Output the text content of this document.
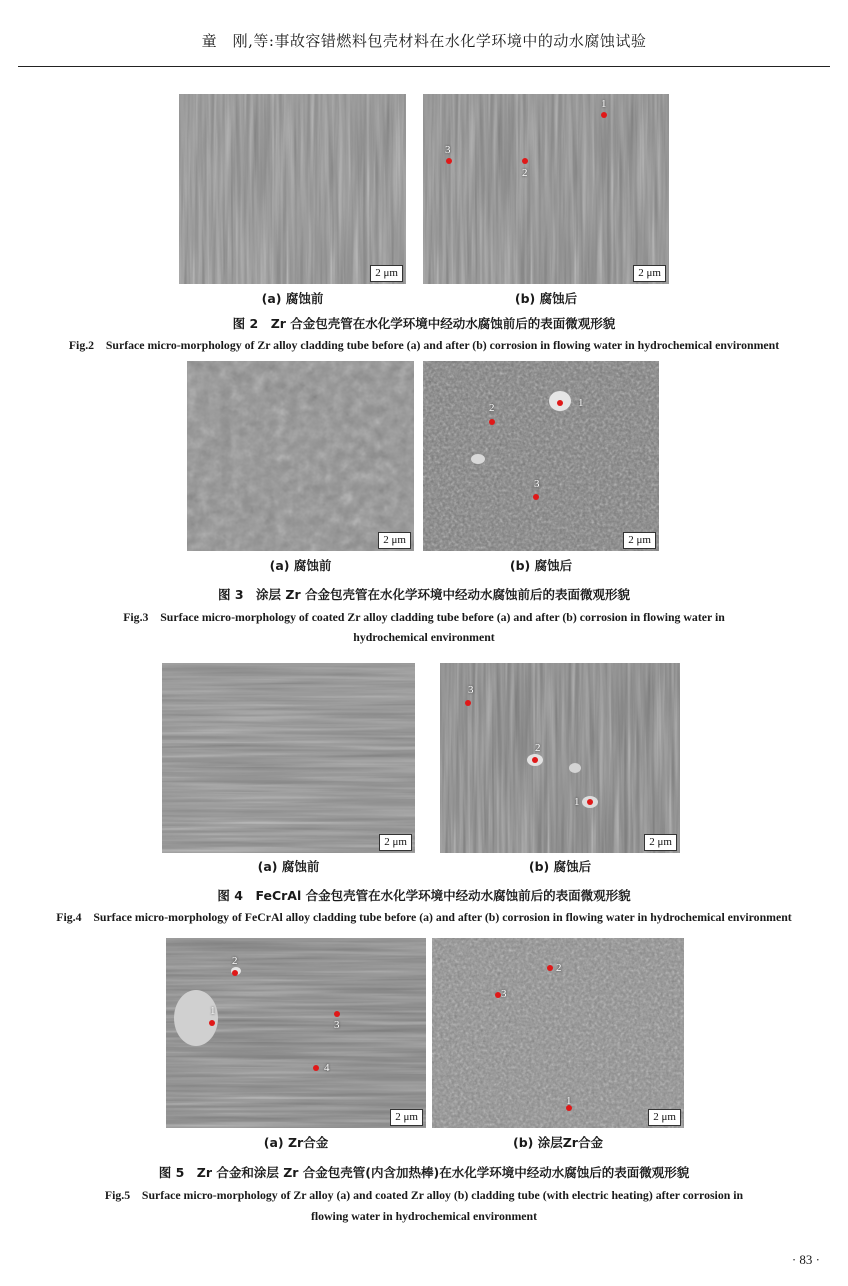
童　刚,等:事故容错燃料包壳材料在水化学环境中的动水腐蚀试验
2 μm
1
2
3
2 μm
(a) 腐蚀前	(b) 腐蚀后
图 2　Zr 合金包壳管在水化学环境中经动水腐蚀前后的表面微观形貌
Fig.2　Surface micro-morphology of Zr alloy cladding tube before (a) and after (b) corrosion in flowing water in hydrochemical environment
2 μm
1
2
3
2 μm
(a) 腐蚀前	(b) 腐蚀后
图 3　涂层 Zr 合金包壳管在水化学环境中经动水腐蚀前后的表面微观形貌
Fig.3　Surface micro-morphology of coated Zr alloy cladding tube before (a) and after (b) corrosion in flowing water in
hydrochemical environment
2 μm
1
2
3
2 μm
(a) 腐蚀前	(b) 腐蚀后
图 4　FeCrAl 合金包壳管在水化学环境中经动水腐蚀前后的表面微观形貌
Fig.4　Surface micro-morphology of FeCrAl alloy cladding tube before (a) and after (b) corrosion in flowing water in hydrochemical environment
1
2
3
4
2 μm
1
2
3
2 μm
(a) Zr合金	(b) 涂层Zr合金
图 5　Zr 合金和涂层 Zr 合金包壳管(内含加热棒)在水化学环境中经动水腐蚀后的表面微观形貌
Fig.5　Surface micro-morphology of Zr alloy (a) and coated Zr alloy (b) cladding tube (with electric heating) after corrosion in
flowing water in hydrochemical environment
· 83 ·
